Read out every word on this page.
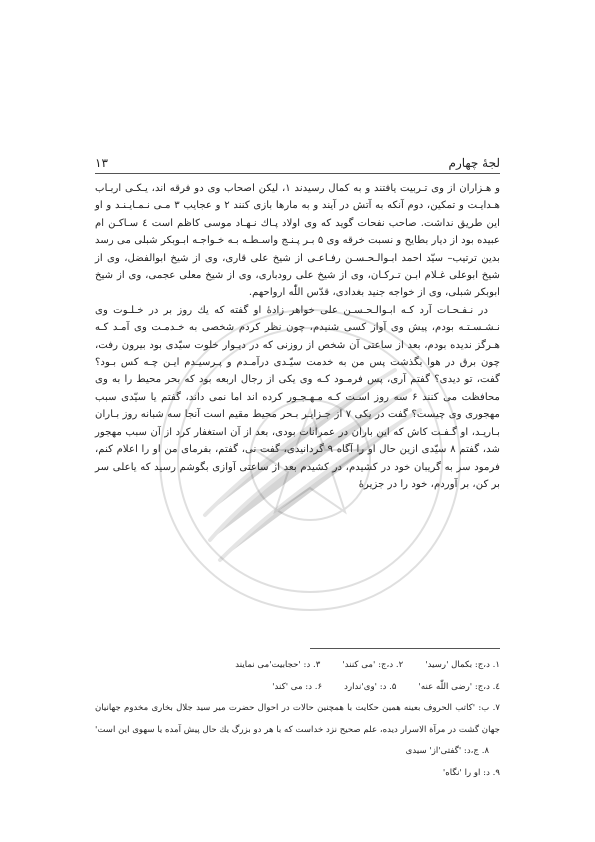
لجهٔ چهارم
۱۳

و هـزاران از وی تـربیت یافتند و به کمال رسیدند ۱، لیکن اصحاب وی دو فرقه اند، یـکـی اربـاب هـدایـت و تمکین، دوم آنکه به آتش در آیند و به مارها بازی کنند ۲ و عجایب ۳ مـی نـمـایـنـد و او این طریق نداشت. صاحب نفحات گوید که وی اولاد پـاك نـهـاد موسی کاظم است ٤ سـاکـن ام عبیده بود از دیار بطایح و نسبت خرقه وی ۵ بـر پـنـج واسـطـه بـه خـواجـه ابـوبکر شبلی می رسد بدین ترتیب– سیّد احمد ابـوالـحـسـن رفـاعـی از شیخ علی قاری، وی از شیخ ابوالفضل، وی از شیخ ابوعلی غـلام ابـن تـرکـان، وی از شیخ علی رودباری، وی از شیخ معلی عجمی، وی از شیخ ابوبکر شبلی، وی از خواجه جنید بغدادی، قدّس اللّٰه ارواحهم.

در نـفـحـات آرد کـه ابـوالـحـسـن علی خواهر زادهٔ او گفته که یك روز بر در خـلـوت وی نـشـسـتـه بودم، پیش وی آواز کسی شنیدم، چون نظر کردم شخصی به خـدمـت وی آمـد کـه هـرگز ندیده بودم، بعد از ساعتی آن شخص از روزنی که در دیـوار خلوت سیّدی بود بیرون رفت، چون برق در هوا بگذشت پس من به خدمت سیّـدی درآمـدم و پـرسیـدم ایـن چـه کس بـود؟ گفت، تو دیدی؟ گفتم آری، پس فرمـود کـه وی یکی از رجال اربعه بود که بحر محیط را به وی محافظت می کنند ۶ سه روز اسـت کـه مـهـجـور کرده اند اما نمی داند، گفتم یا سیّدی سبب مهجوری وی چیست؟ گفت در یکی ۷ از جـزایـر بـحر محیط مقیم است آنجا سه شبانه روز بـاران بـاریـد، او گـفـت کاش که این باران در عمرانات بودی، بعد از آن استغفار کرد از آن سبب مهجور شد، گفتم ۸ سیّدی ازین حال او را آگاه ۹ گردانیدی، گفت نی، گفتم، بفرمای من او را اعلام کنم، فرمود سر به گریبان خود در کشیدم، در کشیدم بعد از ساعتی آوازی بگوشم رسید که یاعلی سر بر کن، بر آوردم، خود را در جزیرهٔ

۱. د،ج: بکمال 'رسید'
۲. د،ج: 'می کنند'
۳. د: 'حجابیت'می نمایند
٤. د،ج: 'رضی اللّٰه عنه'
۵. د: 'وی'ندارد
۶. د: می 'کند'
۷. ب: 'کاتب الحروف بعینه همین حکایت با همچنین حالات در احوال حضرت میر سید جلال بخاری مخدوم جهانیان جهان گشت در مرآة الاسرار دیده، علم صحیح نزد خداست که با هر دو بزرگ یك حال پیش آمده یا سهوی این است'     ۸. ج،د: 'گفتی'از' سیدی
۹. د: او را 'نگاه'
